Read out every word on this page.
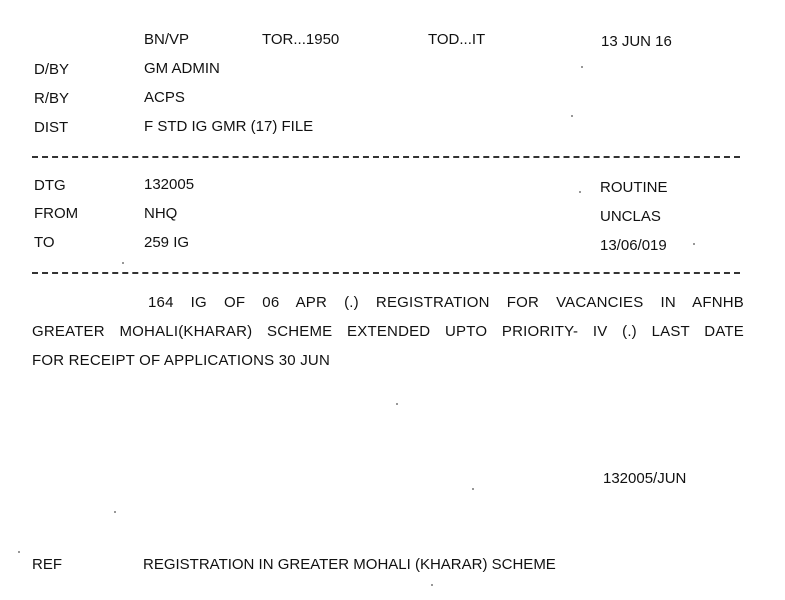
BN/VP	TOR...1950	TOD...IT	13 JUN 16
D/BY	GM ADMIN
R/BY	ACPS
DIST	F STD IG GMR (17) FILE
DTG	132005	ROUTINE
FROM	NHQ	UNCLAS
TO	259 IG	13/06/019
164 IG OF 06 APR (.) REGISTRATION FOR VACANCIES IN AFNHB
GREATER MOHALI(KHARAR) SCHEME EXTENDED UPTO PRIORITY- IV (.) LAST DATE
FOR RECEIPT OF APPLICATIONS 30 JUN
132005/JUN
REF	REGISTRATION IN GREATER MOHALI (KHARAR) SCHEME
